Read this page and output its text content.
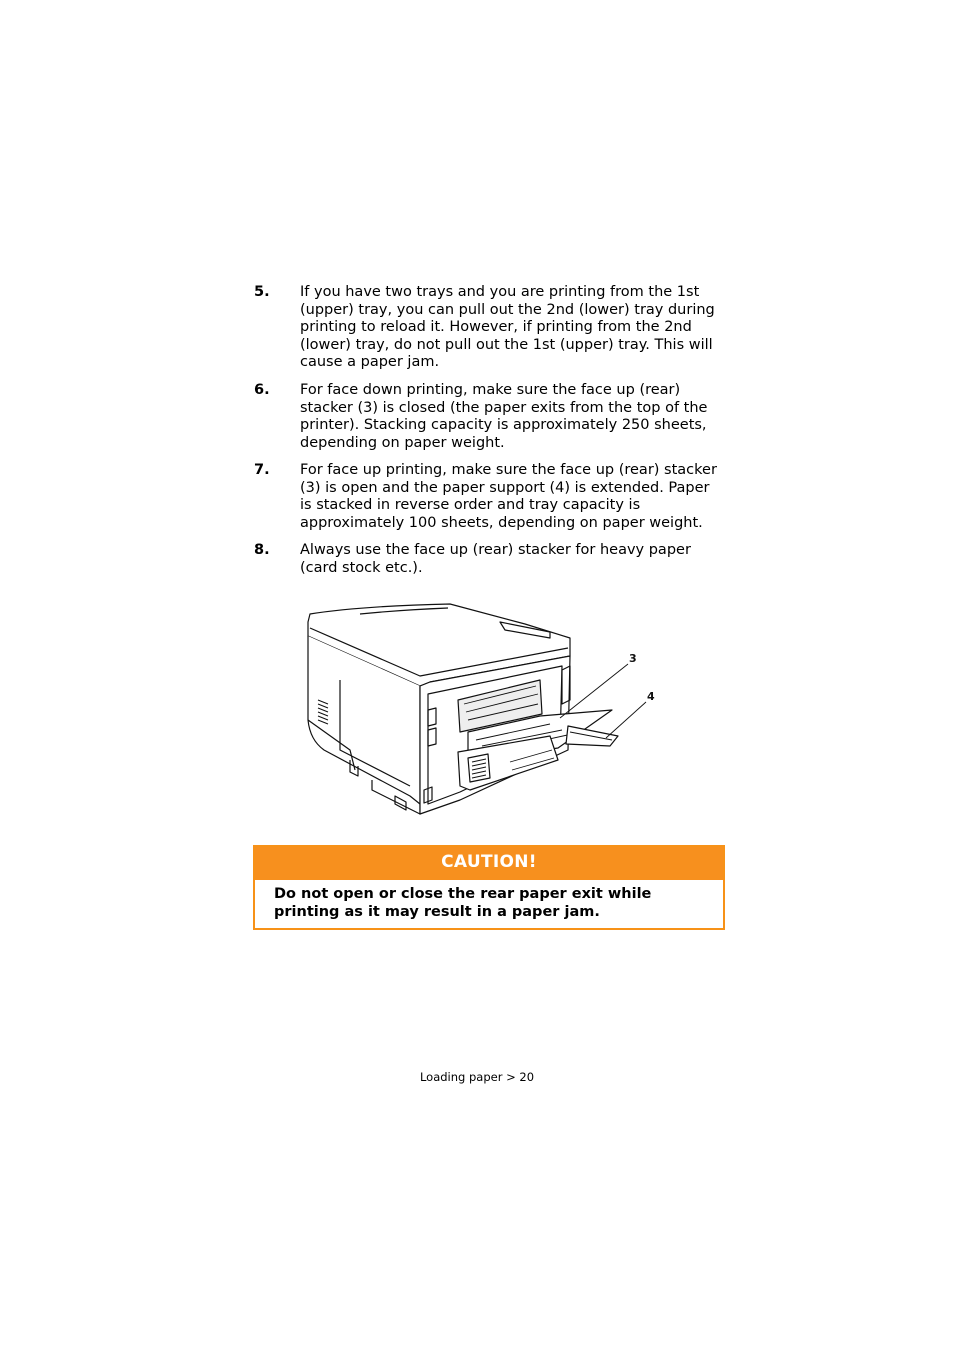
5. If you have two trays and you are printing from the 1st (upper) tray, you can pull out the 2nd (lower) tray during printing to reload it. However, if printing from the 2nd (lower) tray, do not pull out the 1st (upper) tray. This will cause a paper jam.
6. For face down printing, make sure the face up (rear) stacker (3) is closed (the paper exits from the top of the printer). Stacking capacity is approximately 250 sheets, depending on paper weight.
7. For face up printing, make sure the face up (rear) stacker (3) is open and the paper support (4) is extended. Paper is stacked in reverse order and tray capacity is approximately 100 sheets, depending on paper weight.
8. Always use the face up (rear) stacker for heavy paper (card stock etc.).
3
4
CAUTION!
Do not open or close the rear paper exit while printing as it may result in a paper jam.
Loading paper > 20
